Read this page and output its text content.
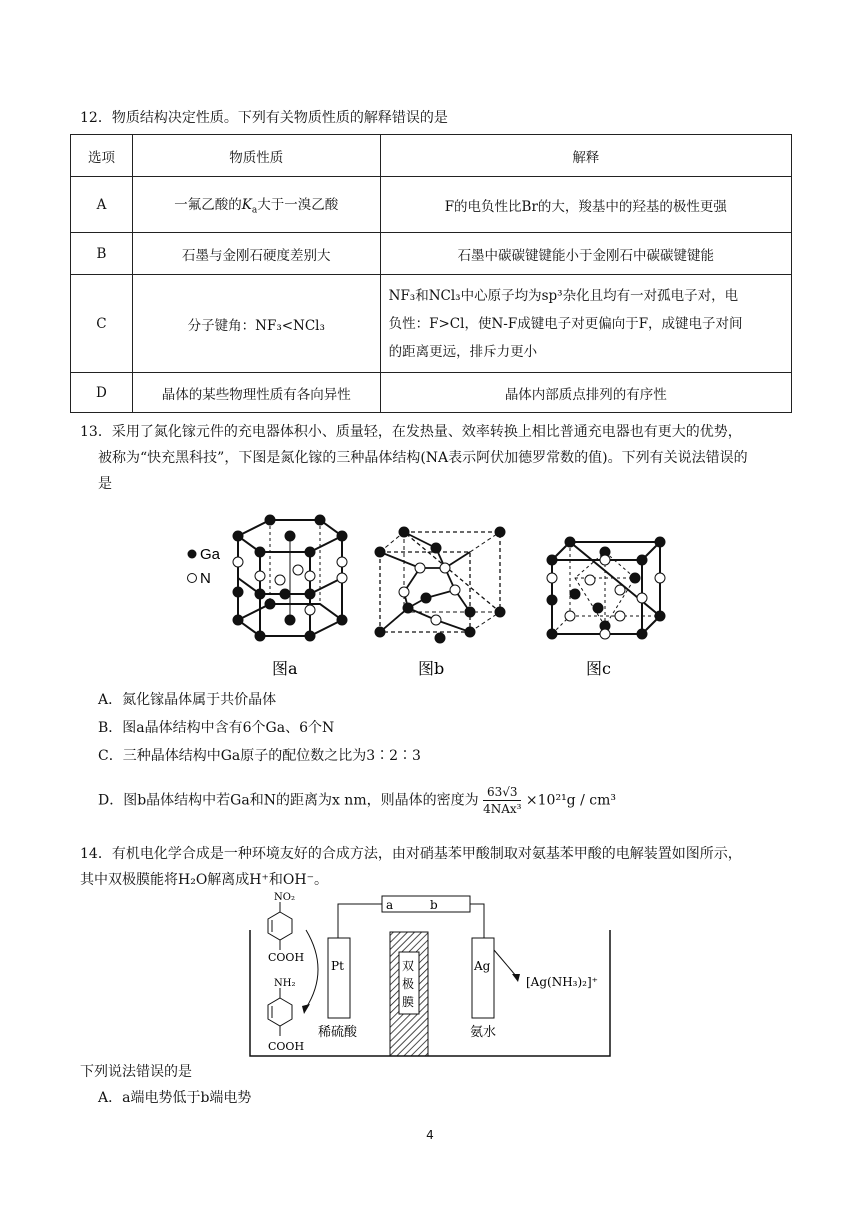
12．物质结构决定性质。下列有关物质性质的解释错误的是
选项	物质性质	解释
A	一氟乙酸的$K_a$大于一溴乙酸	F的电负性比Br的大，羧基中的羟基的极性更强
B	石墨与金刚石硬度差别大	石墨中碳碳键键能小于金刚石中碳碳键键能
C	分子键角：NF₃<NCl₃	NF₃和NCl₃中心原子均为sp³杂化且均有一对孤电子对，电
负性：F>Cl，使N-F成键电子对更偏向于F，成键电子对间
的距离更远，排斥力更小

D	晶体的某些物理性质有各向异性	晶体内部质点排列的有序性
13．采用了氮化镓元件的充电器体积小、质量轻，在发热量、效率转换上相比普通充电器也有更大的优势，
被称为“快充黑科技”，下图是氮化镓的三种晶体结构(NA表示阿伏加德罗常数的值)。下列有关说法错误的
是
Ga
N
图a	图b	图c
A．氮化镓晶体属于共价晶体
B．图a晶体结构中含有6个Ga、6个N
C．三种晶体结构中Ga原子的配位数之比为3∶2∶3
D．图b晶体结构中若Ga和N的距离为x nm，则晶体的密度为 $\frac{63√3}{\text{4NAx³}} \times 10^{21}g / cm^3$
14．有机电化学合成是一种环境友好的合成方法，由对硝基苯甲酸制取对氨基苯甲酸的电解装置如图所示，
其中双极膜能将H₂O解离成H⁺和OH⁻。
a	b
Pt	Ag
双
极
膜
稀硫酸	氨水
NO₂
COOH
NH₂
COOH
[Ag(NH₃)₂]⁺
下列说法错误的是
A．a端电势低于b端电势
4
